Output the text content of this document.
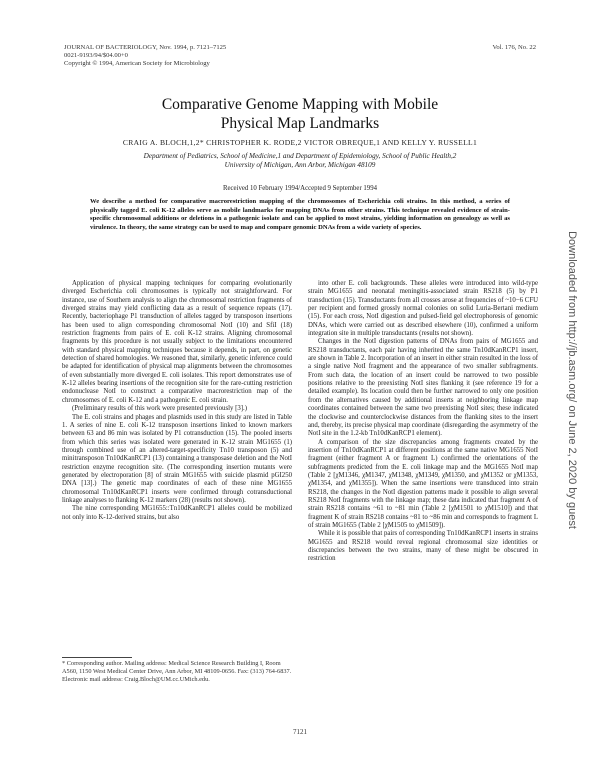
JOURNAL OF BACTERIOLOGY, Nov. 1994, p. 7121–7125
0021-9193/94/$04.00+0
Copyright © 1994, American Society for Microbiology
Vol. 176, No. 22
Comparative Genome Mapping with Mobile
Physical Map Landmarks
CRAIG A. BLOCH,1,2* CHRISTOPHER K. RODE,2 VICTOR OBREQUE,1 AND KELLY Y. RUSSELL1
Department of Pediatrics, School of Medicine,1 and Department of Epidemiology, School of Public Health,2
University of Michigan, Ann Arbor, Michigan 48109
Received 10 February 1994/Accepted 9 September 1994
We describe a method for comparative macrorestriction mapping of the chromosomes of Escherichia coli strains. In this method, a series of physically tagged E. coli K-12 alleles serve as mobile landmarks for mapping DNAs from other strains. This technique revealed evidence of strain-specific chromosomal additions or deletions in a pathogenic isolate and can be applied to most strains, yielding information on genealogy as well as virulence. In theory, the same strategy can be used to map and compare genomic DNAs from a wide variety of species.

Application of physical mapping techniques for comparing evolutionarily diverged Escherichia coli chromosomes is typically not straightforward. For instance, use of Southern analysis to align the chromosomal restriction fragments of diverged strains may yield conflicting data as a result of sequence repeats (17). Recently, bacteriophage P1 transduction of alleles tagged by transposon insertions has been used to align corresponding chromosomal NotI (10) and SfiI (18) restriction fragments from pairs of E. coli K-12 strains. Aligning chromosomal fragments by this procedure is not usually subject to the limitations encountered with standard physical mapping techniques because it depends, in part, on genetic detection of shared homologies. We reasoned that, similarly, genetic inference could be adapted for identification of physical map alignments between the chromosomes of even substantially more diverged E. coli isolates. This report demonstrates use of K-12 alleles bearing insertions of the recognition site for the rare-cutting restriction endonuclease NotI to construct a comparative macrorestriction map of the chromosomes of E. coli K-12 and a pathogenic E. coli strain.

(Preliminary results of this work were presented previously [3].)

The E. coli strains and phages and plasmids used in this study are listed in Table 1. A series of nine E. coli K-12 transposon insertions linked to known markers between 63 and 86 min was isolated by P1 cotransduction (15). The pooled inserts from which this series was isolated were generated in K-12 strain MG1655 (1) through combined use of an altered-target-specificity Tn10 transposon (5) and minitransposon Tn10dKanRCP1 (13) containing a transposase deletion and the NotI restriction enzyme recognition site. (The corresponding insertion mutants were generated by electroporation [8] of strain MG1655 with suicide plasmid pGI250 DNA [13].) The genetic map coordinates of each of these nine MG1655 chromosomal Tn10dKanRCP1 inserts were confirmed through cotransductional linkage analyses to flanking K-12 markers (28) (results not shown).

The nine corresponding MG1655::Tn10dKanRCP1 alleles could be mobilized not only into K-12-derived strains, but also

into other E. coli backgrounds. These alleles were introduced into wild-type strain MG1655 and neonatal meningitis-associated strain RS218 (5) by P1 transduction (15). Transductants from all crosses arose at frequencies of ~10−6 CFU per recipient and formed grossly normal colonies on solid Luria-Bertani medium (15). For each cross, NotI digestion and pulsed-field gel electrophoresis of genomic DNAs, which were carried out as described elsewhere (10), confirmed a uniform integration site in multiple transductants (results not shown).

Changes in the NotI digestion patterns of DNAs from pairs of MG1655 and RS218 transductants, each pair having inherited the same Tn10dKanRCP1 insert, are shown in Table 2. Incorporation of an insert in either strain resulted in the loss of a single native NotI fragment and the appearance of two smaller subfragments. From such data, the location of an insert could be narrowed to two possible positions relative to the preexisting NotI sites flanking it (see reference 19 for a detailed example). Its location could then be further narrowed to only one position from the alternatives caused by additional inserts at neighboring linkage map coordinates contained between the same two preexisting NotI sites; these indicated the clockwise and counterclockwise distances from the flanking sites to the insert and, thereby, its precise physical map coordinate (disregarding the asymmetry of the NotI site in the 1.2-kb Tn10dKanRCP1 element).

A comparison of the size discrepancies among fragments created by the insertion of Tn10dKanRCP1 at different positions at the same native MG1655 NotI fragment (either fragment A or fragment L) confirmed the orientations of the subfragments predicted from the E. coli linkage map and the MG1655 NotI map (Table 2 [χM1346, χM1347, χM1348, χM1349, χM1350, and χM1352 or χM1353, χM1354, and χM1355]). When the same insertions were transduced into strain RS218, the changes in the NotI digestion patterns made it possible to align several RS218 NotI fragments with the linkage map; these data indicated that fragment A of strain RS218 contains ~61 to ~81 min (Table 2 [χM1501 to χM1510]) and that fragment K of strain RS218 contains ~81 to ~86 min and corresponds to fragment L of strain MG1655 (Table 2 [χM1505 to χM1509]).

While it is possible that pairs of corresponding Tn10dKanRCP1 inserts in strains MG1655 and RS218 would reveal regional chromosomal size identities or discrepancies between the two strains, many of these might be obscured in restriction

* Corresponding author. Mailing address: Medical Science Research Building I, Room A560, 1150 West Medical Center Drive, Ann Arbor, MI 48109-0656. Fax: (313) 764-6837. Electronic mail address: Craig.Bloch@UM.cc.UMich.edu.
7121
Downloaded from http://jb.asm.org/ on June 2, 2020 by guest
